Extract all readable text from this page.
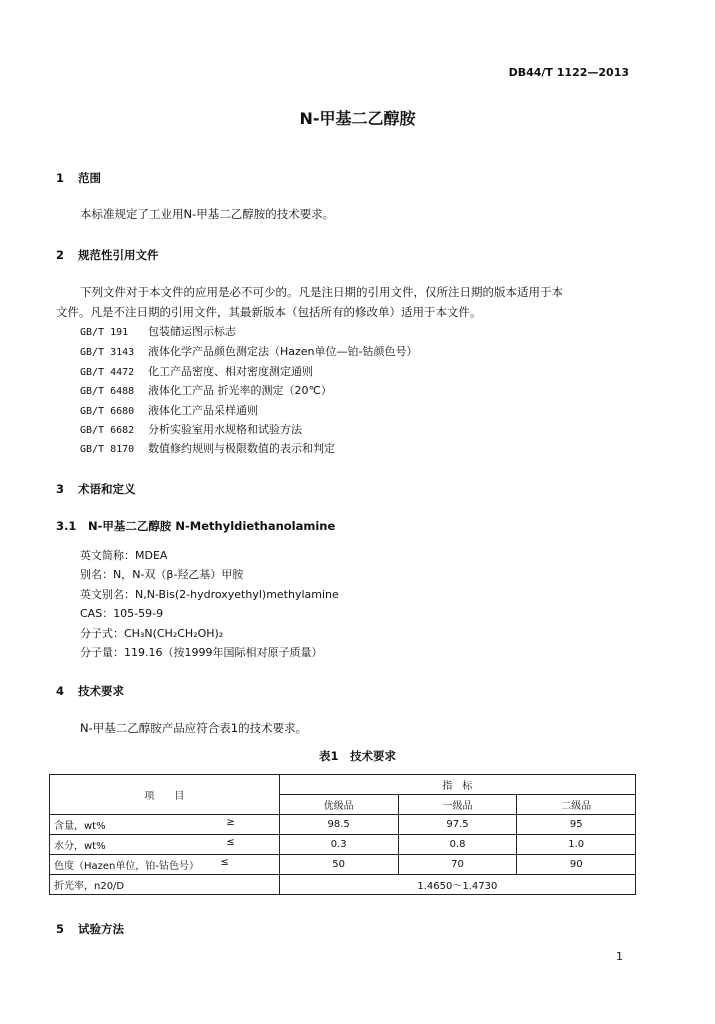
DB44/T 1122—2013
N-甲基二乙醇胺
1 范围
本标准规定了工业用N-甲基二乙醇胺的技术要求。
2 规范性引用文件
下列文件对于本文件的应用是必不可少的。凡是注日期的引用文件，仅所注日期的版本适用于本
文件。凡是不注日期的引用文件，其最新版本（包括所有的修改单）适用于本文件。
GB/T 191 包装储运图示标志
GB/T 3143 液体化学产品颜色测定法（Hazen单位—铂-钴颜色号）
GB/T 4472 化工产品密度、相对密度测定通则
GB/T 6488 液体化工产品 折光率的测定（20℃）
GB/T 6680 液体化工产品采样通则
GB/T 6682 分析实验室用水规格和试验方法
GB/T 8170 数值修约规则与极限数值的表示和判定
3 术语和定义
3.1 N-甲基二乙醇胺 N-Methyldiethanolamine
英文简称：MDEA
别名：N，N-双（β-羟乙基）甲胺
英文别名：N,N-Bis(2-hydroxyethyl)methylamine
CAS：105-59-9
分子式：CH₃N(CH₂CH₂OH)₂
分子量：119.16（按1999年国际相对原子质量）
4 技术要求
N-甲基二乙醇胺产品应符合表1的技术要求。
表1　技术要求
项　　目	指　标		
	优级品	一级品	二级品

含量，wt% ≥	98.5	97.5	95

水分，wt% ≤	0.3	0.8	1.0

色度（Hazen单位，铂-钴色号） ≤	50	70	90
折光率，n20/D	1.4650～1.4730		
5 试验方法
1
